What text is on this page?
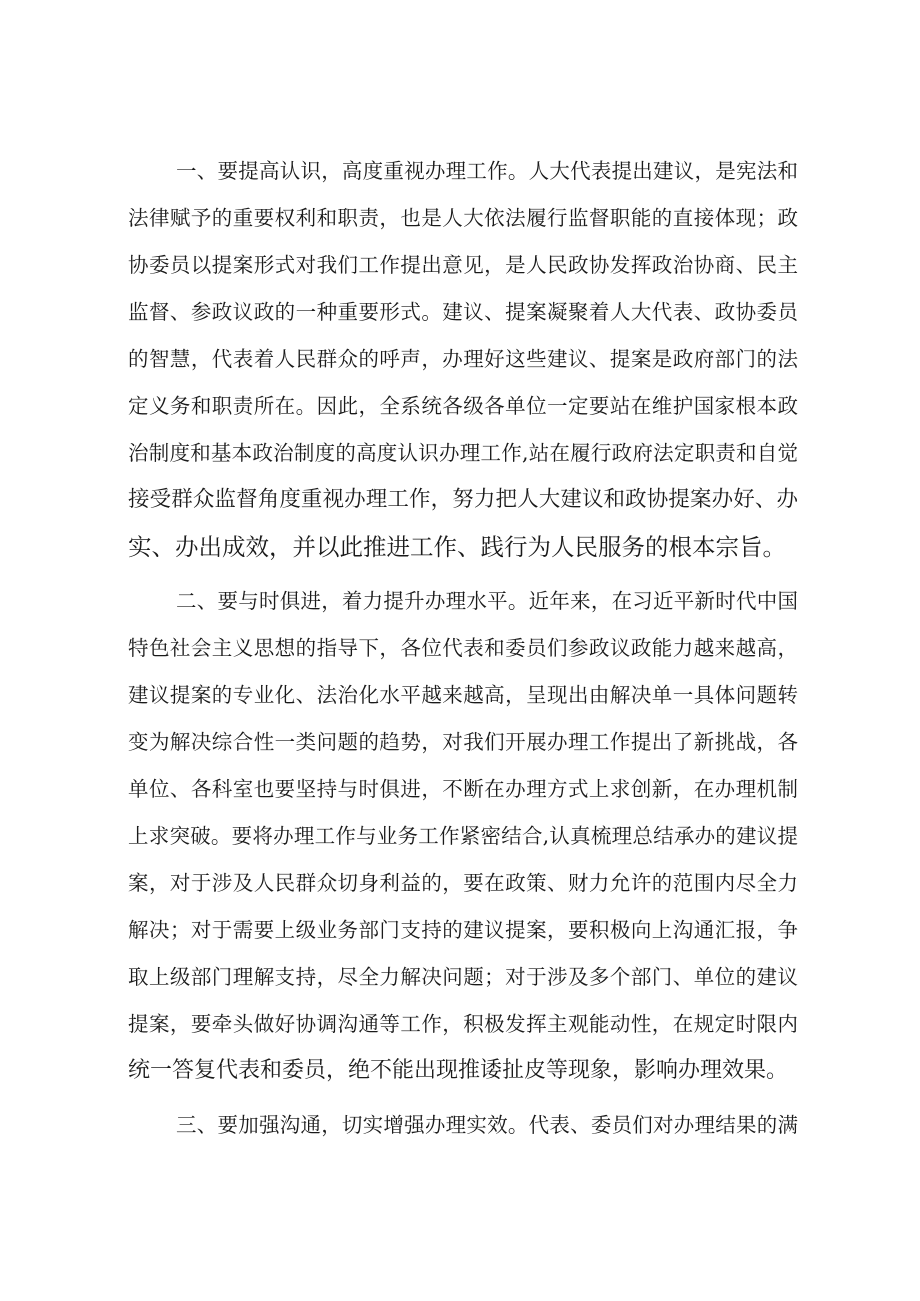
一、要提高认识，高度重视办理工作。人大代表提出建议，是宪法和
法律赋予的重要权利和职责，也是人大依法履行监督职能的直接体现；政
协委员以提案形式对我们工作提出意见，是人民政协发挥政治协商、民主
监督、参政议政的一种重要形式。建议、提案凝聚着人大代表、政协委员
的智慧，代表着人民群众的呼声，办理好这些建议、提案是政府部门的法
定义务和职责所在。因此，全系统各级各单位一定要站在维护国家根本政
治制度和基本政治制度的高度认识办理工作,站在履行政府法定职责和自觉
接受群众监督角度重视办理工作，努力把人大建议和政协提案办好、办
实、办出成效，并以此推进工作、践行为人民服务的根本宗旨。
二、要与时俱进，着力提升办理水平。近年来，在习近平新时代中国
特色社会主义思想的指导下，各位代表和委员们参政议政能力越来越高，
建议提案的专业化、法治化水平越来越高，呈现出由解决单一具体问题转
变为解决综合性一类问题的趋势，对我们开展办理工作提出了新挑战，各
单位、各科室也要坚持与时俱进，不断在办理方式上求创新，在办理机制
上求突破。要将办理工作与业务工作紧密结合,认真梳理总结承办的建议提
案，对于涉及人民群众切身利益的，要在政策、财力允许的范围内尽全力
解决；对于需要上级业务部门支持的建议提案，要积极向上沟通汇报，争
取上级部门理解支持，尽全力解决问题；对于涉及多个部门、单位的建议
提案，要牵头做好协调沟通等工作，积极发挥主观能动性，在规定时限内
统一答复代表和委员，绝不能出现推诿扯皮等现象，影响办理效果。
三、要加强沟通，切实增强办理实效。代表、委员们对办理结果的满
